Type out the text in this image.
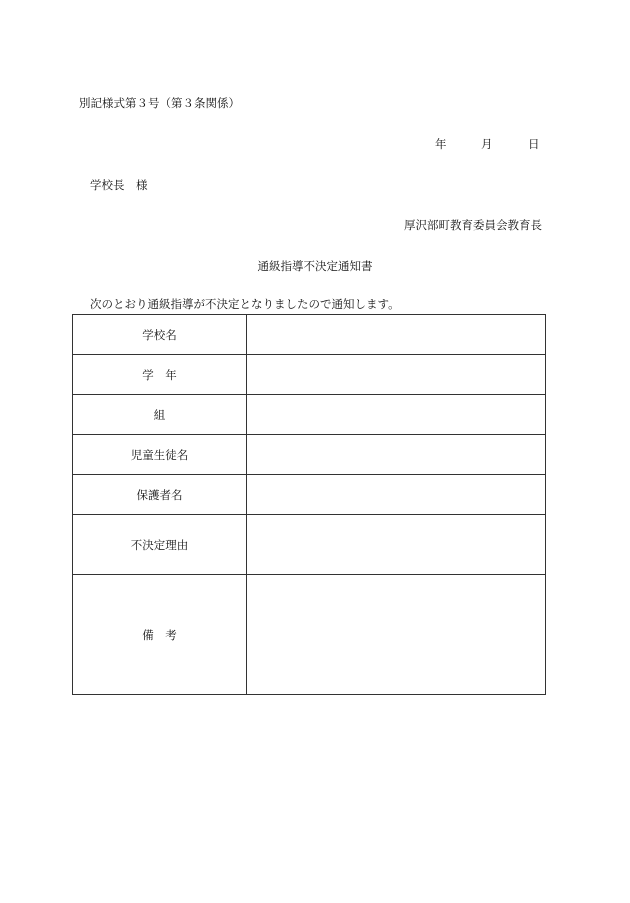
別記様式第３号（第３条関係）
年	月	日
学校長　様
厚沢部町教育委員会教育長
通級指導不決定通知書
次のとおり通級指導が不決定となりましたので通知します。
学校名	
学　年	
組	
児童生徒名	
保護者名	
不決定理由	
備　考	
